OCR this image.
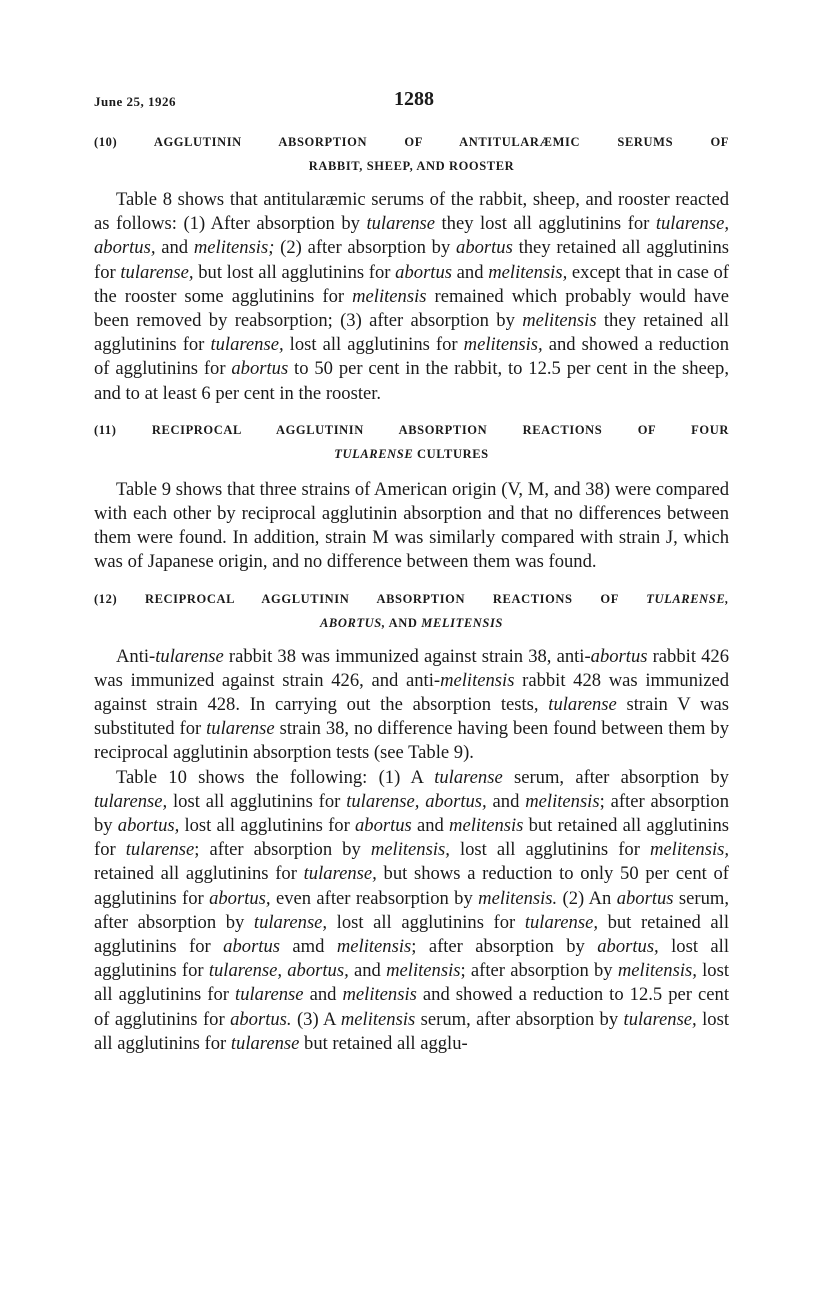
June 25, 1926	1288
(10) AGGLUTININ ABSORPTION OF ANTITULARÆMIC SERUMS OF
RABBIT, SHEEP, AND ROOSTER

Table 8 shows that antitularæmic serums of the rabbit, sheep, and rooster reacted as follows: (1) After absorption by tularense they lost all agglutinins for tularense, abortus, and melitensis; (2) after absorption by abortus they retained all agglutinins for tularense, but lost all agglutinins for abortus and melitensis, except that in case of the rooster some agglutinins for melitensis remained which probably would have been removed by reabsorption; (3) after absorption by melitensis they retained all agglutinins for tularense, lost all agglutinins for melitensis, and showed a reduction of agglutinins for abortus to 50 per cent in the rabbit, to 12.5 per cent in the sheep, and to at least 6 per cent in the rooster.

(11) RECIPROCAL AGGLUTININ ABSORPTION REACTIONS OF FOUR
TULARENSE CULTURES

Table 9 shows that three strains of American origin (V, M, and 38) were compared with each other by reciprocal agglutinin absorption and that no differences between them were found. In addition, strain M was similarly compared with strain J, which was of Japanese origin, and no difference between them was found.

(12) RECIPROCAL AGGLUTININ ABSORPTION REACTIONS OF TULARENSE,
ABORTUS, AND MELITENSIS

Anti-tularense rabbit 38 was immunized against strain 38, anti-abortus rabbit 426 was immunized against strain 426, and anti-melitensis rabbit 428 was immunized against strain 428. In carrying out the absorption tests, tularense strain V was substituted for tularense strain 38, no difference having been found between them by reciprocal agglutinin absorption tests (see Table 9).

Table 10 shows the following: (1) A tularense serum, after absorption by tularense, lost all agglutinins for tularense, abortus, and melitensis; after absorption by abortus, lost all agglutinins for abortus and melitensis but retained all agglutinins for tularense; after absorption by melitensis, lost all agglutinins for melitensis, retained all agglutinins for tularense, but shows a reduction to only 50 per cent of agglutinins for abortus, even after reabsorption by melitensis. (2) An abortus serum, after absorption by tularense, lost all agglutinins for tularense, but retained all agglutinins for abortus amd melitensis; after absorption by abortus, lost all agglutinins for tularense, abortus, and melitensis; after absorption by melitensis, lost all agglutinins for tularense and melitensis and showed a reduction to 12.5 per cent of agglutinins for abortus. (3) A melitensis serum, after absorption by tularense, lost all agglutinins for tularense but retained all agglu-
